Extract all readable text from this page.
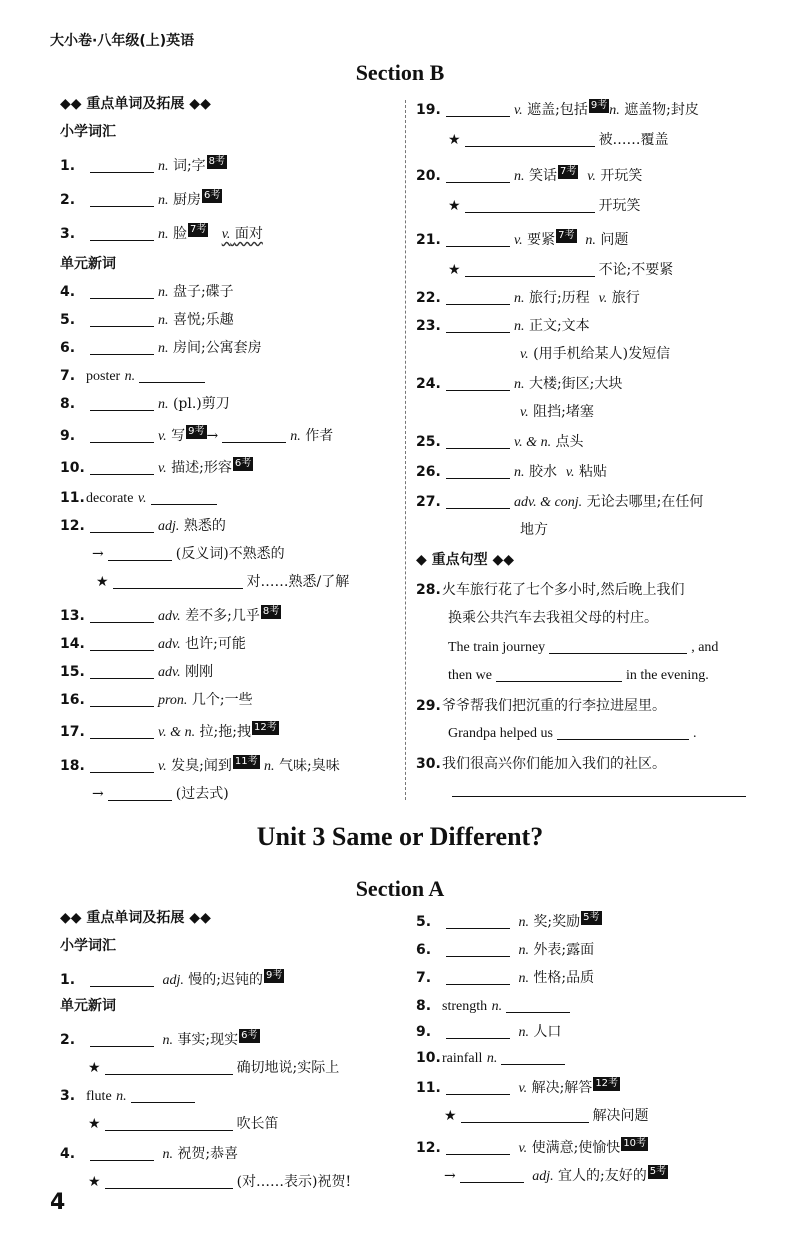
大小卷·八年级(上)英语
Section B
◆◆ 重点单词及拓展 ◆◆
小学词汇
1.	n. 词;字 8考
2.	n. 厨房 6考
3.	n. 脸 7考 v. 面对
单元新词
4.	n. 盘子;碟子
5.	n. 喜悦;乐趣
6.	n. 房间;公寓套房
7. poster n.
8.	n. (pl.)剪刀
9.	v. 写 9考 →	n. 作者
10.	v. 描述;形容 6考
11.decorate v.
12.	adj. 熟悉的
→	(反义词)不熟悉的
★	对……熟悉/了解
13.	adv. 差不多;几乎 8考
14.	adv. 也许;可能
15.	adv. 刚刚
16.	pron. 几个;一些
17.	v. & n. 拉;拖;拽 12考
18.	v. 发臭;闻到 11考 n. 气味;臭味
→	(过去式)
19.	v. 遮盖;包括 9考 n. 遮盖物;封皮
★	被……覆盖
20.	n. 笑话 7考 v. 开玩笑
★	开玩笑
21.	v. 要紧 7考 n. 问题
★	不论;不要紧
22.	n. 旅行;历程 v. 旅行
23.	n. 正文;文本
v. (用手机给某人)发短信
24.	n. 大楼;街区;大块
v. 阻挡;堵塞
25.	v. & n. 点头
26.	n. 胶水 v. 粘贴
27.	adv. & conj. 无论去哪里;在任何
地方
◆ 重点句型 ◆◆
28.火车旅行花了七个多小时,然后晚上我们
换乘公共汽车去我祖父母的村庄。
The train journey	, and
then we	in the evening.
29.爷爷帮我们把沉重的行李拉进屋里。
Grandpa helped us	.
30.我们很高兴你们能加入我们的社区。
Unit 3 Same or Different?
Section A
◆◆ 重点单词及拓展 ◆◆
小学词汇
1.	adj. 慢的;迟钝的 9考
单元新词
2.	n. 事实;现实 6考
★	确切地说;实际上
3. flute n.
★	吹长笛
4.	n. 祝贺;恭喜
★	(对……表示)祝贺!
5.	n. 奖;奖励 5考
6.	n. 外表;露面
7.	n. 性格;品质
8. strength n.
9.	n. 人口
10.rainfall n.
11.	v. 解决;解答 12考
★	解决问题
12.	v. 使满意;使愉快 10考
→	adj. 宜人的;友好的 5考
4
